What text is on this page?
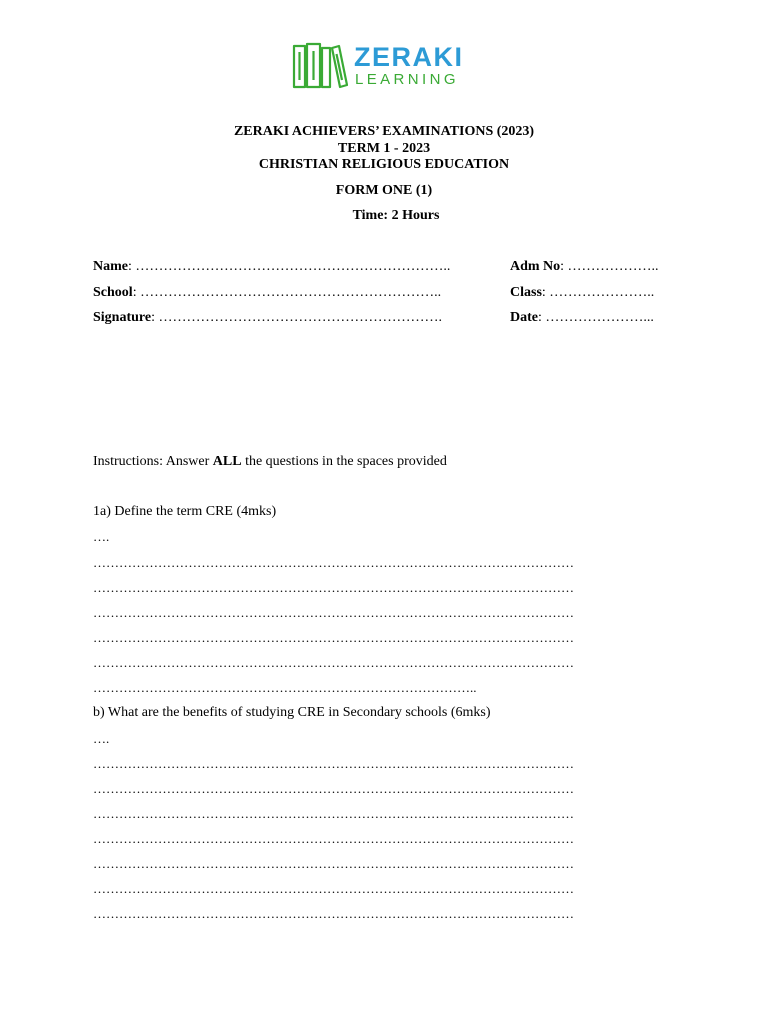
ZERAKI
LEARNING
ZERAKI ACHIEVERS’ EXAMINATIONS (2023)
TERM 1 - 2023
CHRISTIAN RELIGIOUS EDUCATION
FORM ONE (1)
Time: 2 Hours
Name: …………………………………………………………..	Adm No: ………………..
School: ………………………………………………………..	Class: …………………..
Signature: …………………………………………………….	Date: …………………...
Instructions: Answer ALL the questions in the spaces provided
1a) Define the term CRE (4mks)
….
…………………………………………………………………………………………………
…………………………………………………………………………………………………
…………………………………………………………………………………………………
…………………………………………………………………………………………………
…………………………………………………………………………………………………
……………………………………………………………………………..
b) What are the benefits of studying CRE in Secondary schools (6mks)
….
…………………………………………………………………………………………………
…………………………………………………………………………………………………
…………………………………………………………………………………………………
…………………………………………………………………………………………………
…………………………………………………………………………………………………
…………………………………………………………………………………………………
…………………………………………………………………………………………………
